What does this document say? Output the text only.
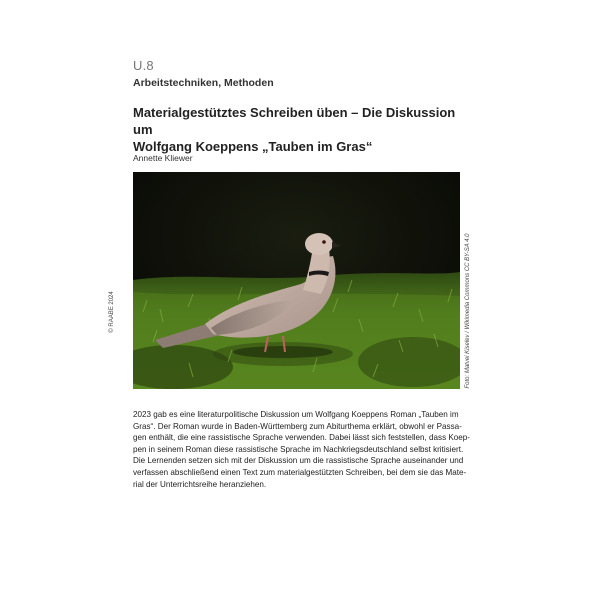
U.8
Arbeitstechniken, Methoden
Materialgestütztes Schreiben üben – Die Diskussion um
Wolfgang Koeppens „Tauben im Gras“
Annette Kliewer
© RAABE 2024	Foto: Matvei Kiselev / Wikimedia Commons CC BY-SA 4.0
2023 gab es eine literaturpolitische Diskussion um Wolfgang Koeppens Roman „Tauben im
Gras“. Der Roman wurde in Baden-Württemberg zum Abiturthema erklärt, obwohl er Passa-
gen enthält, die eine rassistische Sprache verwenden. Dabei lässt sich feststellen, dass Koep-
pen in seinem Roman diese rassistische Sprache im Nachkriegsdeutschland selbst kritisiert.
Die Lernenden setzen sich mit der Diskussion um die rassistische Sprache auseinander und
verfassen abschließend einen Text zum materialgestützten Schreiben, bei dem sie das Mate-
rial der Unterrichtsreihe heranziehen.
